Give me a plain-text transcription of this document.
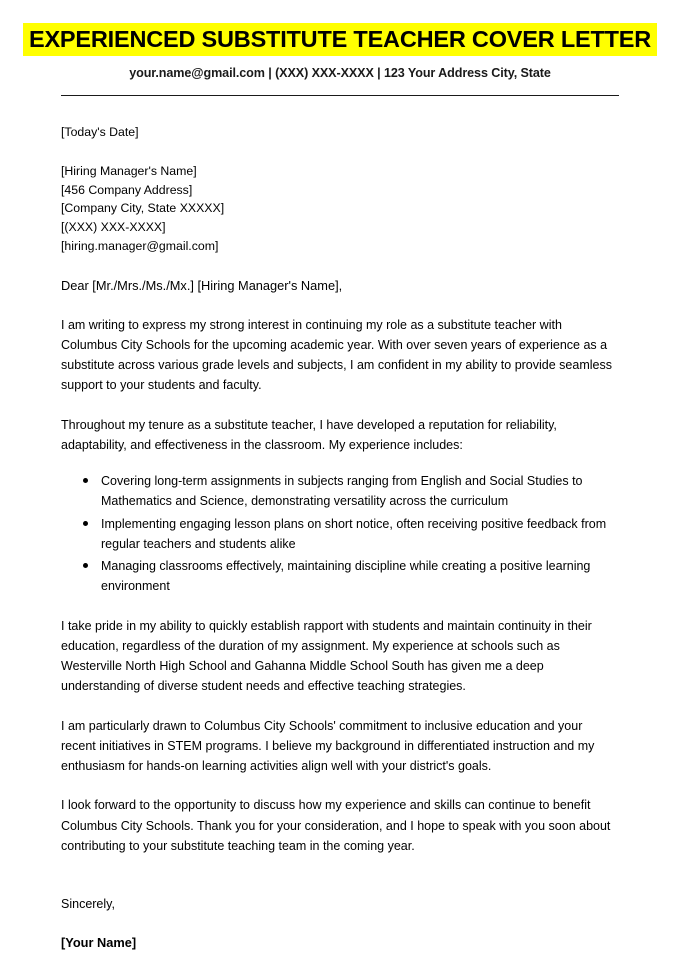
EXPERIENCED SUBSTITUTE TEACHER COVER LETTER
your.name@gmail.com | (XXX) XXX-XXXX | 123 Your Address City, State
[Today's Date]
[Hiring Manager's Name]
[456 Company Address]
[Company City, State XXXXX]
[(XXX) XXX-XXXX]
[hiring.manager@gmail.com]
Dear [Mr./Mrs./Ms./Mx.] [Hiring Manager's Name],

I am writing to express my strong interest in continuing my role as a substitute teacher with Columbus City Schools for the upcoming academic year. With over seven years of experience as a substitute across various grade levels and subjects, I am confident in my ability to provide seamless support to your students and faculty.

Throughout my tenure as a substitute teacher, I have developed a reputation for reliability, adaptability, and effectiveness in the classroom. My experience includes:

Covering long-term assignments in subjects ranging from English and Social Studies to Mathematics and Science, demonstrating versatility across the curriculum
Implementing engaging lesson plans on short notice, often receiving positive feedback from regular teachers and students alike
Managing classrooms effectively, maintaining discipline while creating a positive learning environment

I take pride in my ability to quickly establish rapport with students and maintain continuity in their education, regardless of the duration of my assignment. My experience at schools such as Westerville North High School and Gahanna Middle School South has given me a deep understanding of diverse student needs and effective teaching strategies.

I am particularly drawn to Columbus City Schools' commitment to inclusive education and your recent initiatives in STEM programs. I believe my background in differentiated instruction and my enthusiasm for hands-on learning activities align well with your district's goals.

I look forward to the opportunity to discuss how my experience and skills can continue to benefit Columbus City Schools. Thank you for your consideration, and I hope to speak with you soon about contributing to your substitute teaching team in the coming year.

Sincerely,
[Your Name]
